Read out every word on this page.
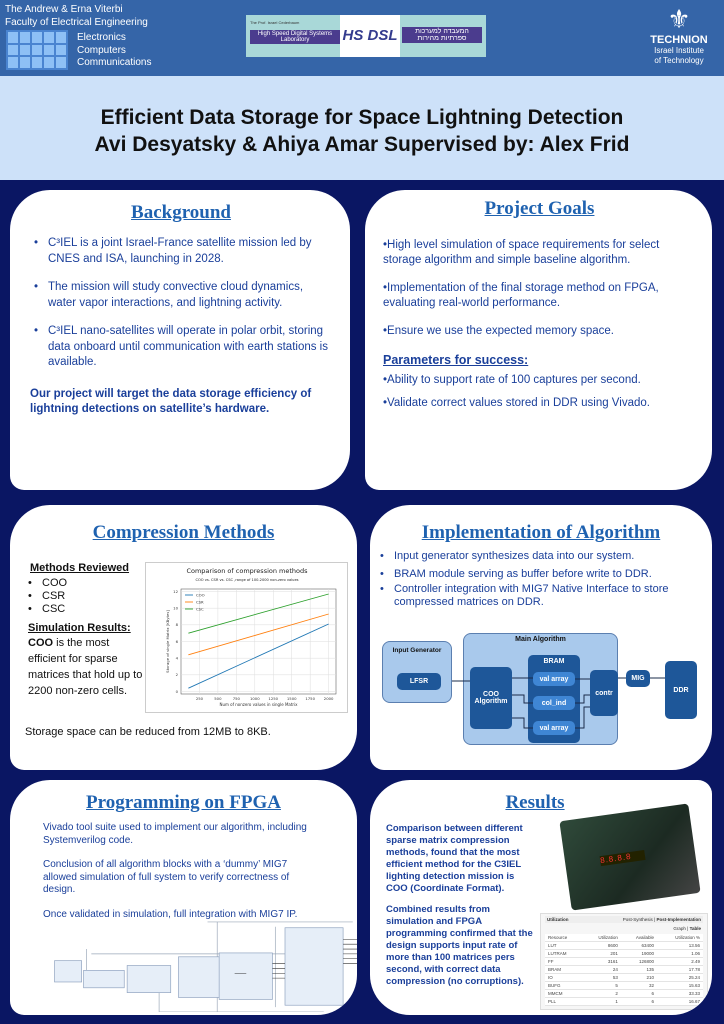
The Andrew & Erna Viterbi Faculty of Electrical Engineering
Electronics
Computers
Communications
The Prof. Israel Cederbaum
High Speed Digital Systems Laboratory	HS DSL	המעבדה למערכות ספרתיות מהירות
⚜
TECHNION
Israel Institute
of Technology
Efficient Data Storage for Space Lightning Detection
Avi Desyatsky & Ahiya Amar Supervised by: Alex Frid
Background
• C³IEL is a joint Israel-France satellite mission led by CNES and ISA, launching in 2028.
• The mission will study convective cloud dynamics, water vapor interactions, and lightning activity.
• C³IEL nano-satellites will operate in polar orbit, storing data onboard until communication with earth stations is available.
Our project will target the data storage efficiency of lightning detections on satellite’s hardware.
Project Goals
•High level simulation of space requirements for select storage algorithm and simple baseline algorithm.
•Implementation of the final storage method on FPGA, evaluating real-world performance.
•Ensure we use the expected memory space.
Parameters for success:
•Ability to support rate of 100 captures per second.
•Validate correct values stored in DDR using Vivado.
Compression Methods
Methods Reviewed
• COO
• CSR
• CSC
Simulation Results:
COO is the most efficient for sparse matrices that hold up to 2200 non-zero cells.
Comparison of compression methods
COO vs. CSR vs. CSC ,range of 100-2000 non-zero values
250	500	750	1000 1250 1500 1750 2000
0
2
4
6
8
10
12
Num of nonzero values in single Matrix
Storage of single Matrix [KBytes]
COO
CSR
CSC
Storage space can be reduced from 12MB to 8KB.
Implementation of Algorithm
• Input generator synthesizes data into our system.
• BRAM module serving as buffer before write to DDR.
• Controller integration with MIG7 Native Interface to store compressed matrices on DDR.
Input Generator
LFSR
Main Algorithm
COO Algorithm
BRAM
val array
col_ind
val array
contr
MIG
DDR
Programming on FPGA

Vivado tool suite used to implement our algorithm, including Systemverilog code.

Conclusion of all algorithm blocks with a ‘dummy’ MIG7 allowed simulation of full system to verify correctness of design.

Once validated in simulation, full integration with MIG7 IP.

Results

Comparison between different sparse matrix compression methods, found that the most efficient method for the C3IEL lighting detection mission is COO (Coordinate Format).

Combined results from simulation and FPGA programming confirmed that the design supports input rate of more than 100 matrices pers second, with correct data compression (no corruptions).

8.8.8.8
Utilization	Post-Synthesis | Post-Implementation
Graph | Table
Resource	Utilization	Available	Utilization %
LUT	8600	63400	13.56
LUTRAM	201	19000	1.06
FF	3161	126800	2.49
BRAM	24	135	17.78
IO	53	210	25.24
BUFG	5	32	15.63
MMCM	2	6	33.33
PLL	1	6	16.67
